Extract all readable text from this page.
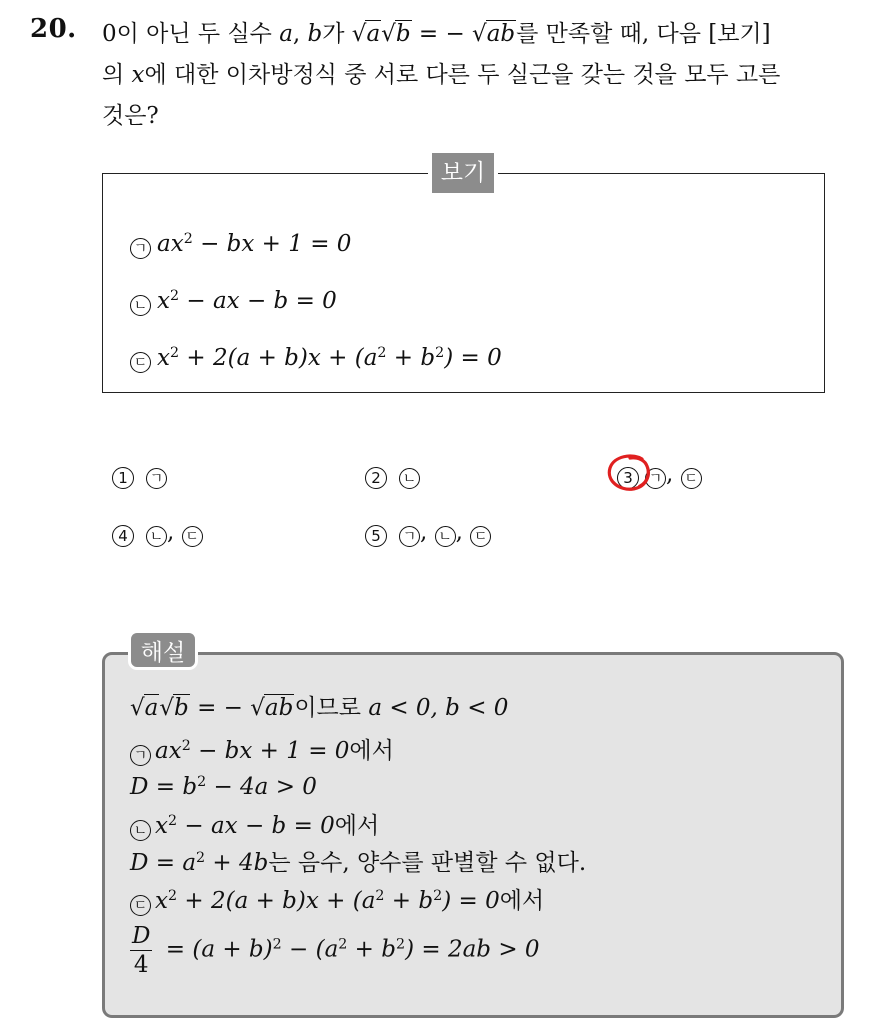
20. 0이 아닌 두 실수 a, b가 √a√b = − √ab를 만족할 때, 다음 [보기]
의 x에 대한 이차방정식 중 서로 다른 두 실근을 갖는 것을 모두 고른
것은?
보기
ㄱ $ax^2$ − bx + 1 = 0
ㄴ $x^2$ − ax − b = 0
ㄷ $x^2 + 2(a + b)x + (a^2 + b^2) = 0$
1 ㄱ	2 ㄴ	3 ㄱ , ㄷ
4 ㄴ , ㄷ	5 ㄱ , ㄴ , ㄷ
해설
√a√b = − √ab이므로 a < 0, b < 0
ㄱ $ax^2$ − bx + 1 = 0에서
$D = b^2 - 4a > 0$
ㄴ $x^2$ − ax − b = 0에서
$D = a^2 + 4b$는 음수, 양수를 판별할 수 없다.
ㄷ $x^2 + 2(a + b)x + (a^2 + b^2) = 0$에서
$\frac{D}{4} = (a + b)^2 - (a^2 + b^2) = 2ab > 0$
